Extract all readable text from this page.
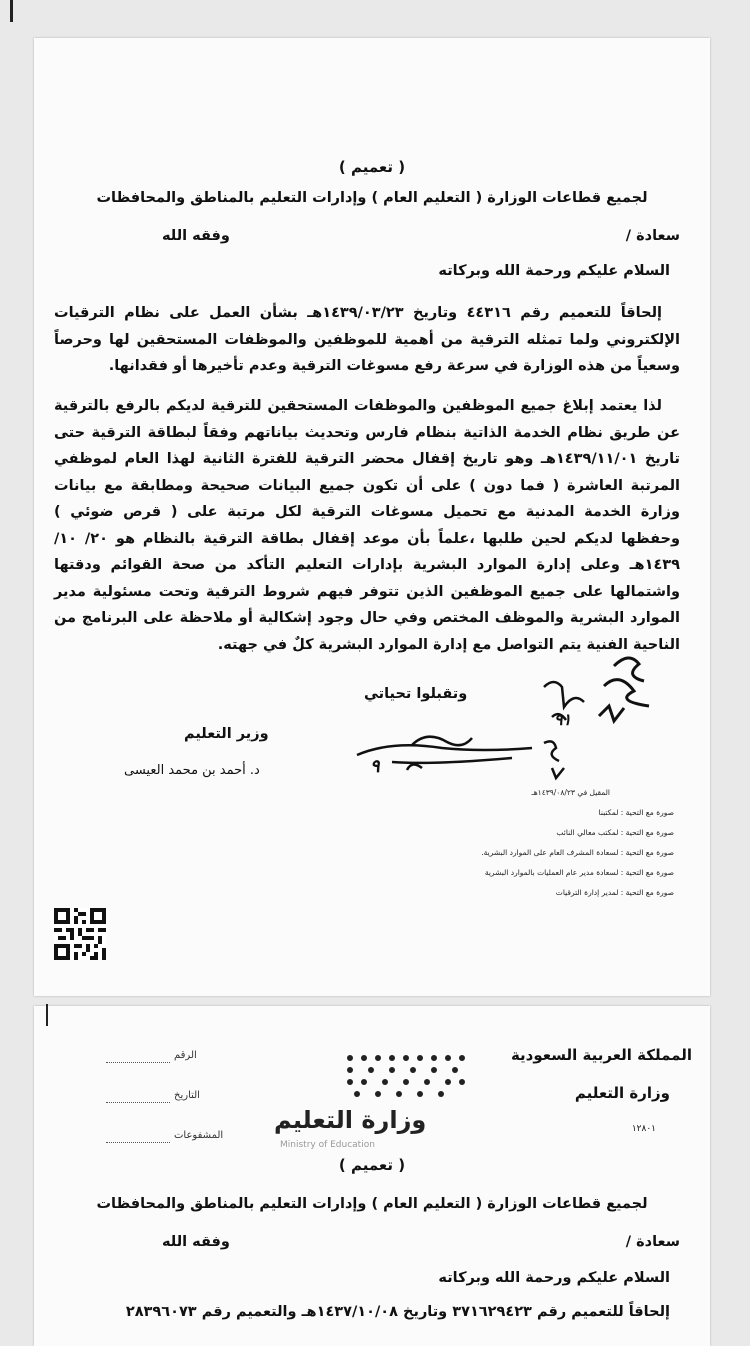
( تعميم )
لجميع قطاعات الوزارة ( التعليم العام ) وإدارات التعليم بالمناطق والمحافظات
سعادة /
وفقه الله
السلام عليكم ورحمة الله وبركاته
إلحاقاً للتعميم رقم ٤٤٣١٦ وتاريخ ١٤٣٩/٠٣/٢٣هـ بشأن العمل على نظام الترقيات الإلكتروني ولما تمثله الترقية من أهمية للموظفين والموظفات المستحقين لها وحرصاً وسعياً من هذه الوزارة في سرعة رفع مسوغات الترقية وعدم تأخيرها أو فقدانها.
لذا يعتمد إبلاغ جميع الموظفين والموظفات المستحقين للترقية لديكم بالرفع بالترقية عن طريق نظام الخدمة الذاتية بنظام فارس وتحديث بياناتهم وفقاً لبطاقة الترقية حتى تاريخ ١٤٣٩/١١/٠١هـ وهو تاريخ إقفال محضر الترقية للفترة الثانية لهذا العام لموظفي المرتبة العاشرة ( فما دون ) على أن تكون جميع البيانات صحيحة ومطابقة مع بيانات وزارة الخدمة المدنية مع تحميل مسوغات الترقية لكل مرتبة على ( قرص ضوئي ) وحفظها لديكم لحين طلبها ،علماً بأن موعد إقفال بطاقة الترقية بالنظام هو ٢٠/ ١٠/ ١٤٣٩هـ وعلى إدارة الموارد البشرية بإدارات التعليم التأكد من صحة القوائم ودقتها واشتمالها على جميع الموظفين الذين تتوفر فيهم شروط الترقية وتحت مسئولية مدير الموارد البشرية والموظف المختص وفي حال وجود إشكالية أو ملاحظة على البرنامج من الناحية الفنية يتم التواصل مع إدارة الموارد البشرية كلٌ في جهته.
وتقبلوا تحياتي
٩
٩١
وزير التعليم
د. أحمد بن محمد العيسى
المقيل في ١٤٣٩/٠٨/٢٣هـ
صورة مع التحية : لمكتبنا
صورة مع التحية : لمكتب معالي النائب
صورة مع التحية : لسعادة المشرف العام على الموارد البشرية.
صورة مع التحية : لسعادة مدير عام العمليات بالموارد البشرية
صورة مع التحية : لمدير إدارة الترقيات
المملكة العربية السعودية
وزارة التعليم
١٢٨٠١
الرقم
التاريخ
المشفوعات
وزارة التعليم
Ministry of Education
( تعميم )
لجميع قطاعات الوزارة ( التعليم العام ) وإدارات التعليم بالمناطق والمحافظات
سعادة /
وفقه الله
السلام عليكم ورحمة الله وبركاته
إلحاقاً للتعميم رقم ٣٧١٦٢٩٤٢٣ وتاريخ ١٤٣٧/١٠/٠٨هـ والتعميم رقم ٢٨٣٩٦٠٧٣
